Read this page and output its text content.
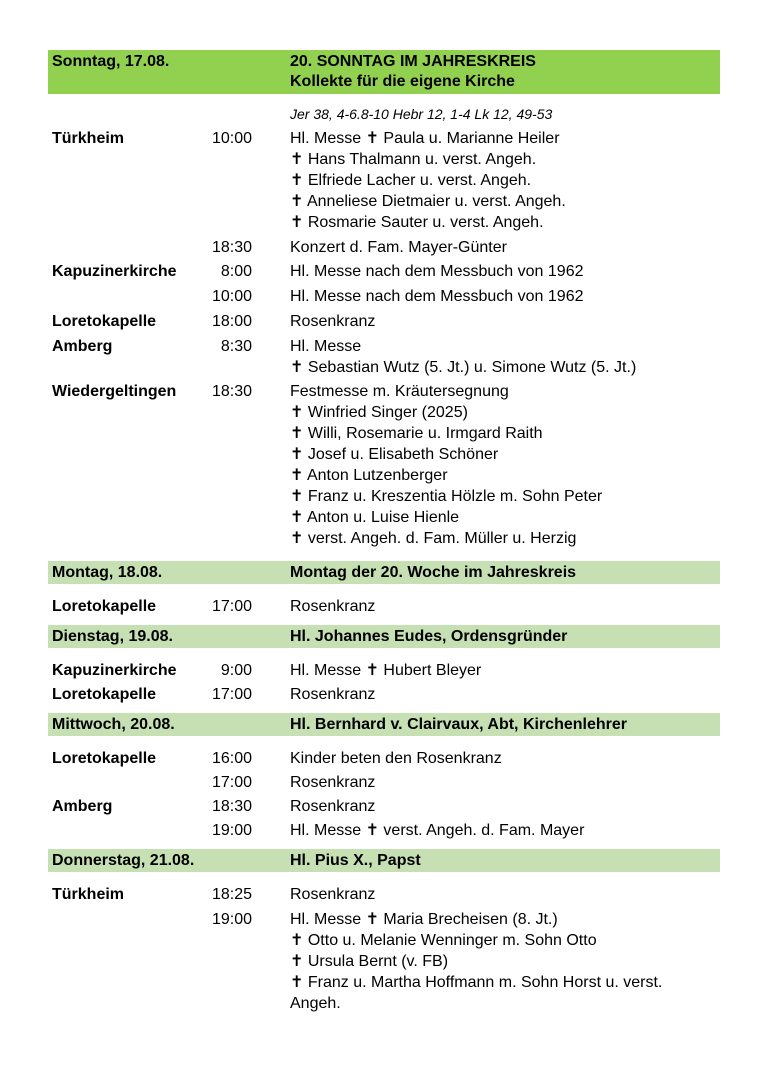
Sonntag, 17.08.	20. SONNTAG IM JAHRESKREIS
Kollekte für die eigene Kirche
Jer 38, 4-6.8-10 Hebr 12, 1-4 Lk 12, 49-53
Türkheim	10:00 Hl. Messe ✝ Paula u. Marianne Heiler
✝ Hans Thalmann u. verst. Angeh.
✝ Elfriede Lacher u. verst. Angeh.
✝ Anneliese Dietmaier u. verst. Angeh.
✝ Rosmarie Sauter u. verst. Angeh.
18:30 Konzert d. Fam. Mayer-Günter
Kapuzinerkirche	8:00 Hl. Messe nach dem Messbuch von 1962
10:00 Hl. Messe nach dem Messbuch von 1962
Loretokapelle	18:00 Rosenkranz
Amberg	8:30 Hl. Messe
✝ Sebastian Wutz (5. Jt.) u. Simone Wutz (5. Jt.)
Wiedergeltingen	18:30 Festmesse m. Kräutersegnung
✝ Winfried Singer (2025)
✝ Willi, Rosemarie u. Irmgard Raith
✝ Josef u. Elisabeth Schöner
✝ Anton Lutzenberger
✝ Franz u. Kreszentia Hölzle m. Sohn Peter
✝ Anton u. Luise Hienle
✝ verst. Angeh. d. Fam. Müller u. Herzig
Montag, 18.08.	Montag der 20. Woche im Jahreskreis
Loretokapelle	17:00 Rosenkranz
Dienstag, 19.08.	Hl. Johannes Eudes, Ordensgründer
Kapuzinerkirche	9:00 Hl. Messe ✝ Hubert Bleyer
Loretokapelle	17:00 Rosenkranz
Mittwoch, 20.08.	Hl. Bernhard v. Clairvaux, Abt, Kirchenlehrer
Loretokapelle	16:00 Kinder beten den Rosenkranz
17:00 Rosenkranz
Amberg	18:30 Rosenkranz
19:00 Hl. Messe ✝ verst. Angeh. d. Fam. Mayer
Donnerstag, 21.08.	Hl. Pius X., Papst
Türkheim	18:25 Rosenkranz
19:00 Hl. Messe ✝ Maria Brecheisen (8. Jt.)
✝ Otto u. Melanie Wenninger m. Sohn Otto
✝ Ursula Bernt (v. FB)
✝ Franz u. Martha Hoffmann m. Sohn Horst u. verst.
Angeh.
